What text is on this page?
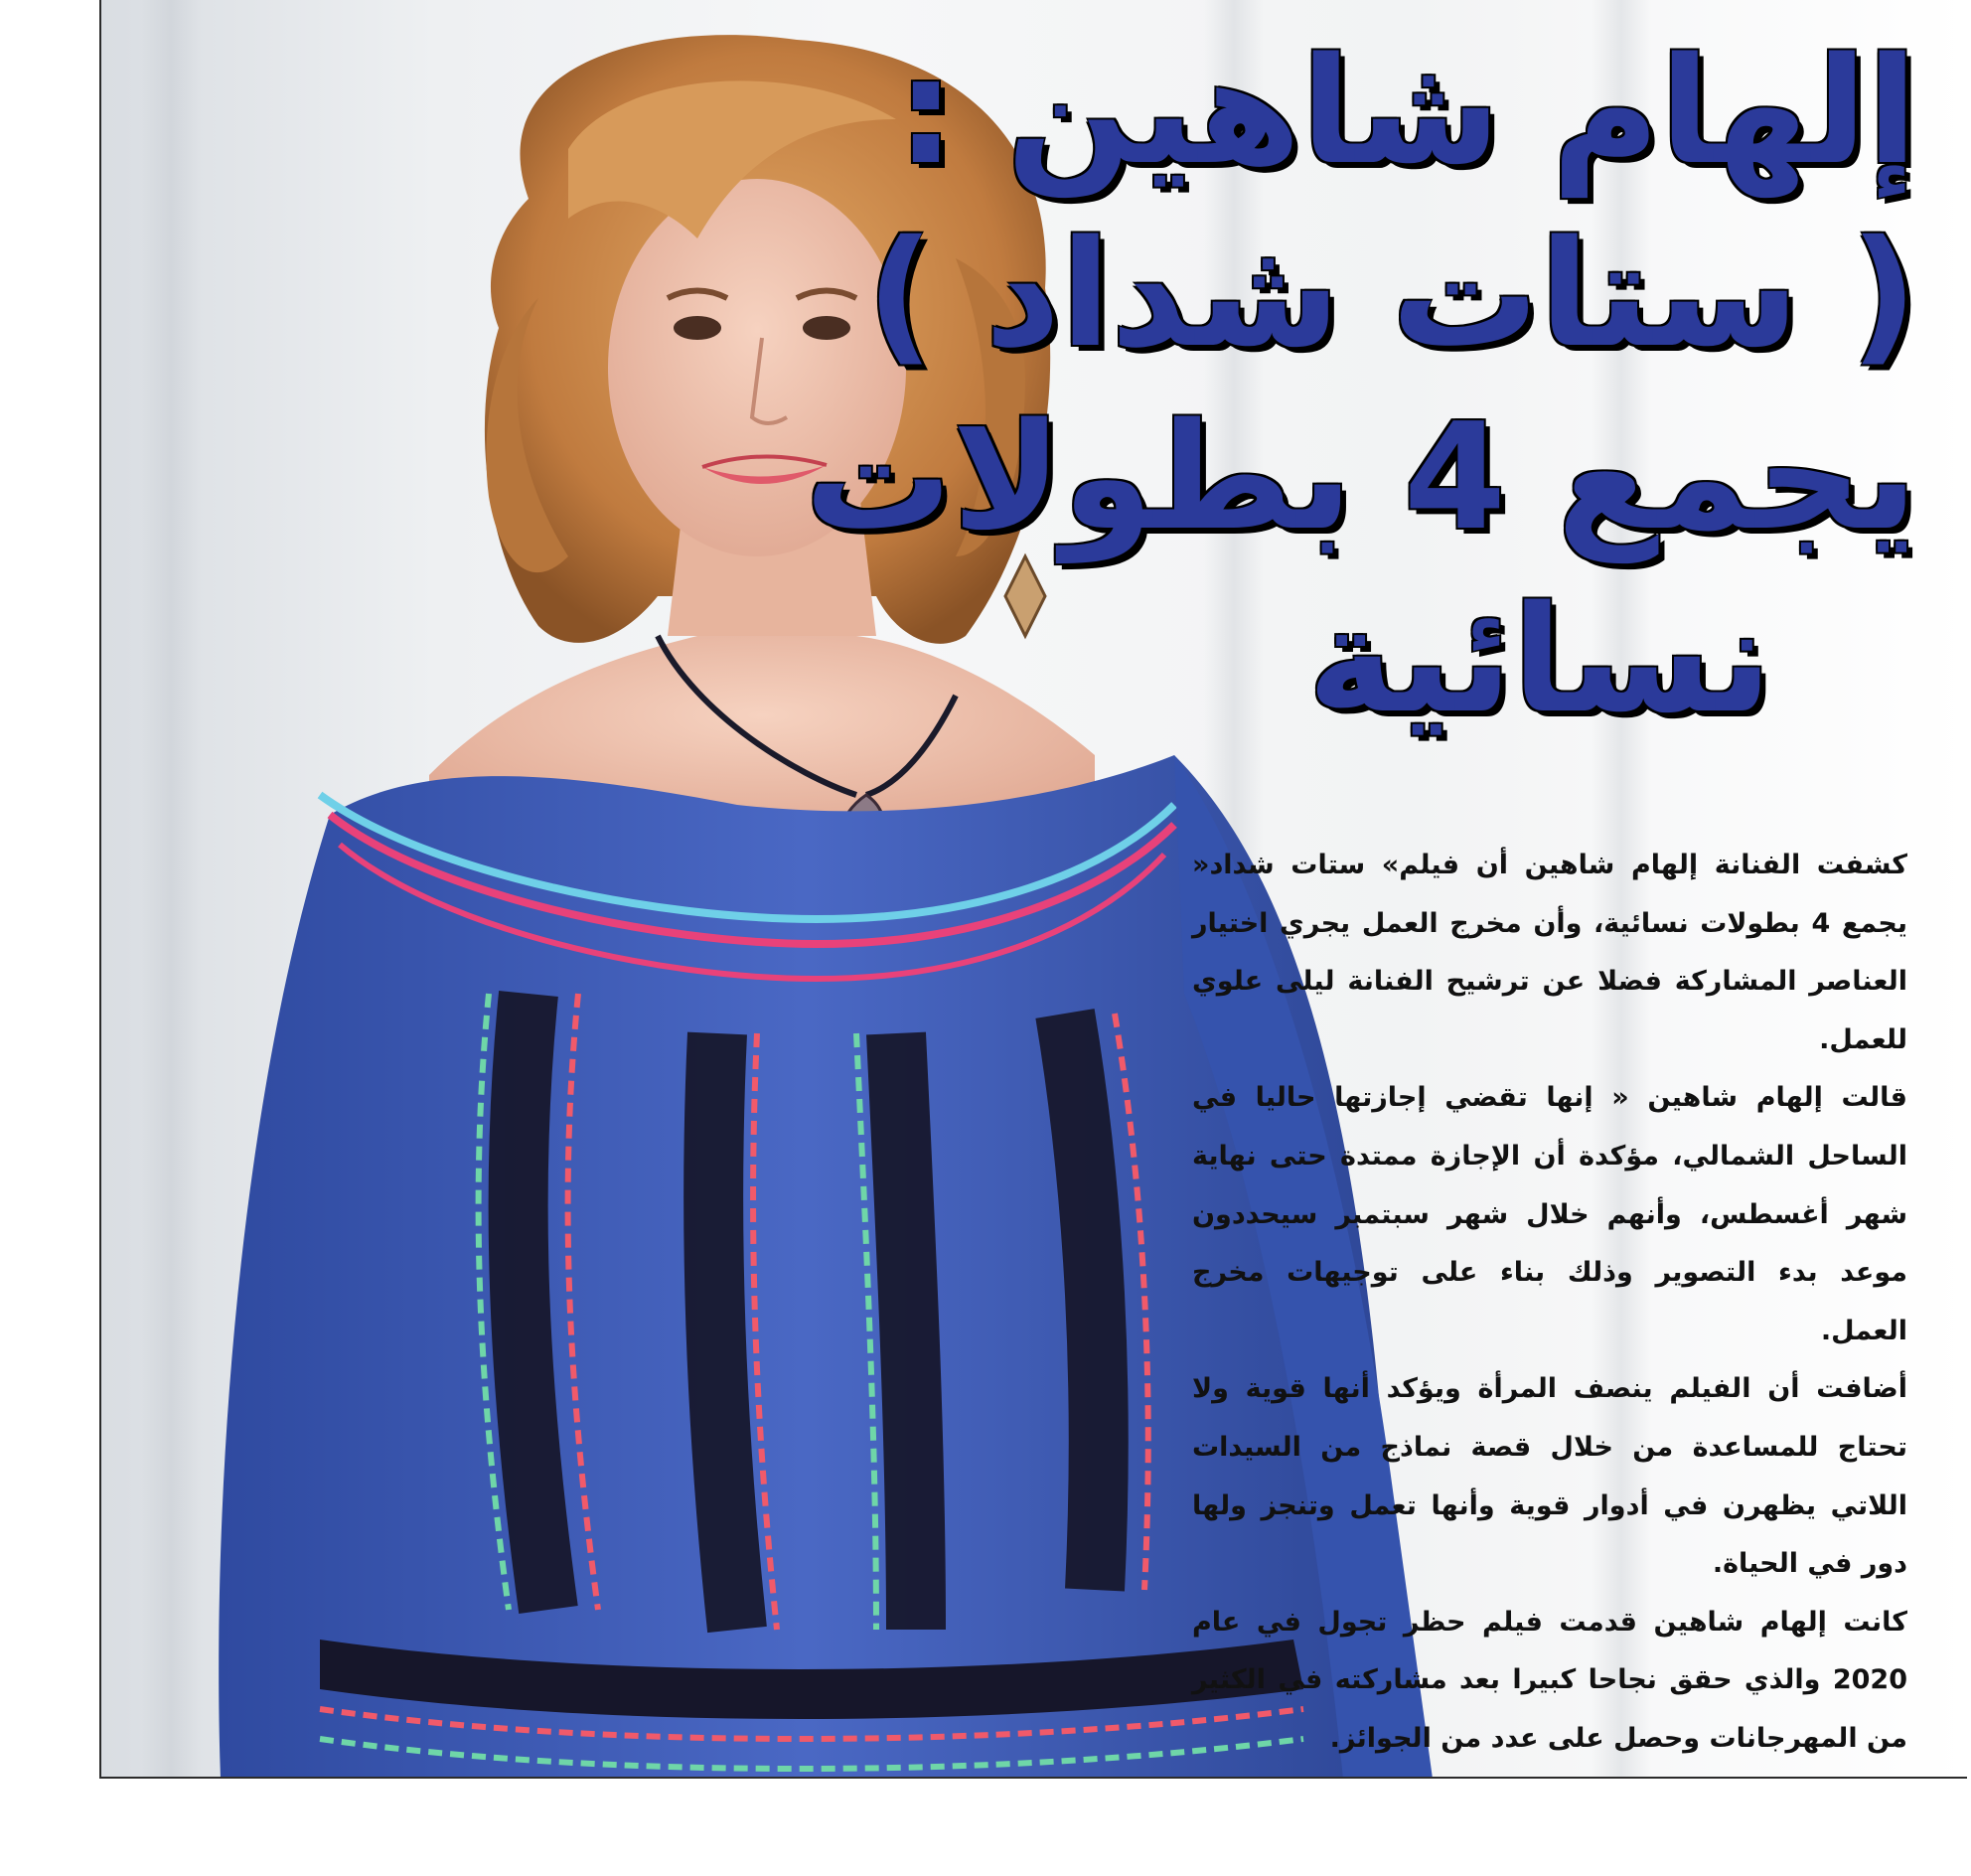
إلهام شاهين :
( ستات شداد )
يجمع 4 بطولات
نسائية

كشفت الفنانة إلهام شاهين أن فيلم» ستات شداد« يجمع 4 بطولات نسائية، وأن مخرج العمل يجري اختيار العناصر المشاركة فضلا عن ترشيح الفنانة ليلى علوي للعمل.

قالت إلهام شاهين « إنها تقضي إجازتها حاليا في الساحل الشمالي، مؤكدة أن الإجازة ممتدة حتى نهاية شهر أغسطس، وأنهم خلال شهر سبتمبر سيحددون موعد بدء التصوير وذلك بناء على توجيهات مخرج العمل.

أضافت أن الفيلم ينصف المرأة ويؤكد أنها قوية ولا تحتاج للمساعدة من خلال قصة نماذج من السيدات اللاتي يظهرن في أدوار قوية وأنها تعمل وتنجز ولها دور في الحياة.

كانت إلهام شاهين قدمت فيلم حظر تجول في عام 2020 والذي حقق نجاحا كبيرا بعد مشاركته في الكثير من المهرجانات وحصل على عدد من الجوائز.
